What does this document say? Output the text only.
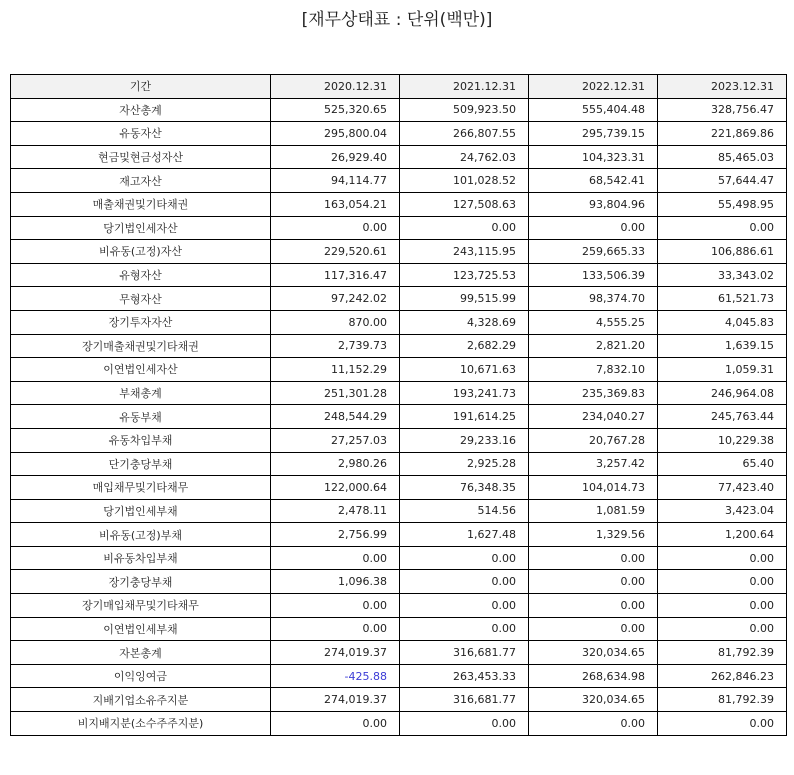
[재무상태표 : 단위(백만)]
기간	2020.12.31	2021.12.31	2022.12.31	2023.12.31
자산총계	525,320.65	509,923.50	555,404.48	328,756.47
유동자산	295,800.04	266,807.55	295,739.15	221,869.86
현금및현금성자산	26,929.40	24,762.03	104,323.31	85,465.03
재고자산	94,114.77	101,028.52	68,542.41	57,644.47
매출채권및기타채권	163,054.21	127,508.63	93,804.96	55,498.95
당기법인세자산	0.00	0.00	0.00	0.00
비유동(고정)자산	229,520.61	243,115.95	259,665.33	106,886.61
유형자산	117,316.47	123,725.53	133,506.39	33,343.02
무형자산	97,242.02	99,515.99	98,374.70	61,521.73
장기투자자산	870.00	4,328.69	4,555.25	4,045.83
장기매출채권및기타채권	2,739.73	2,682.29	2,821.20	1,639.15
이연법인세자산	11,152.29	10,671.63	7,832.10	1,059.31
부채총계	251,301.28	193,241.73	235,369.83	246,964.08
유동부채	248,544.29	191,614.25	234,040.27	245,763.44
유동차입부채	27,257.03	29,233.16	20,767.28	10,229.38
단기충당부채	2,980.26	2,925.28	3,257.42	65.40
매입채무및기타채무	122,000.64	76,348.35	104,014.73	77,423.40
당기법인세부채	2,478.11	514.56	1,081.59	3,423.04
비유동(고정)부채	2,756.99	1,627.48	1,329.56	1,200.64
비유동차입부채	0.00	0.00	0.00	0.00
장기충당부채	1,096.38	0.00	0.00	0.00
장기매입채무및기타채무	0.00	0.00	0.00	0.00
이연법인세부채	0.00	0.00	0.00	0.00
자본총계	274,019.37	316,681.77	320,034.65	81,792.39
이익잉여금	-425.88	263,453.33	268,634.98	262,846.23
지배기업소유주지분	274,019.37	316,681.77	320,034.65	81,792.39
비지배지분(소수주주지분)	0.00	0.00	0.00	0.00
